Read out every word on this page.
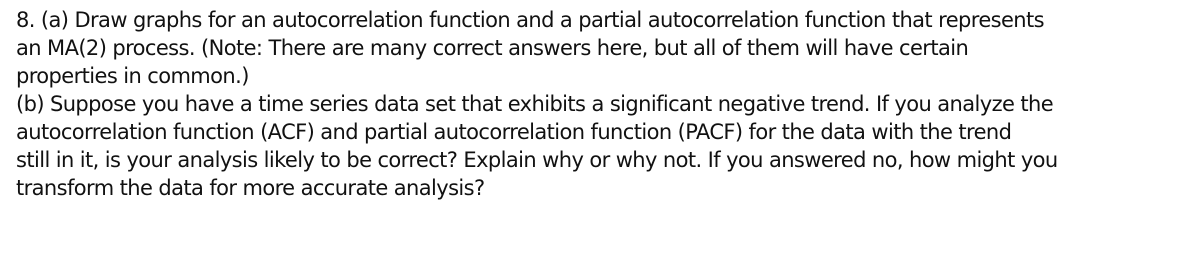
8. (a) Draw graphs for an autocorrelation function and a partial autocorrelation function that represents
an MA(2) process. (Note: There are many correct answers here, but all of them will have certain
properties in common.)
(b) Suppose you have a time series data set that exhibits a significant negative trend. If you analyze the
autocorrelation function (ACF) and partial autocorrelation function (PACF) for the data with the trend
still in it, is your analysis likely to be correct? Explain why or why not. If you answered no, how might you
transform the data for more accurate analysis?
